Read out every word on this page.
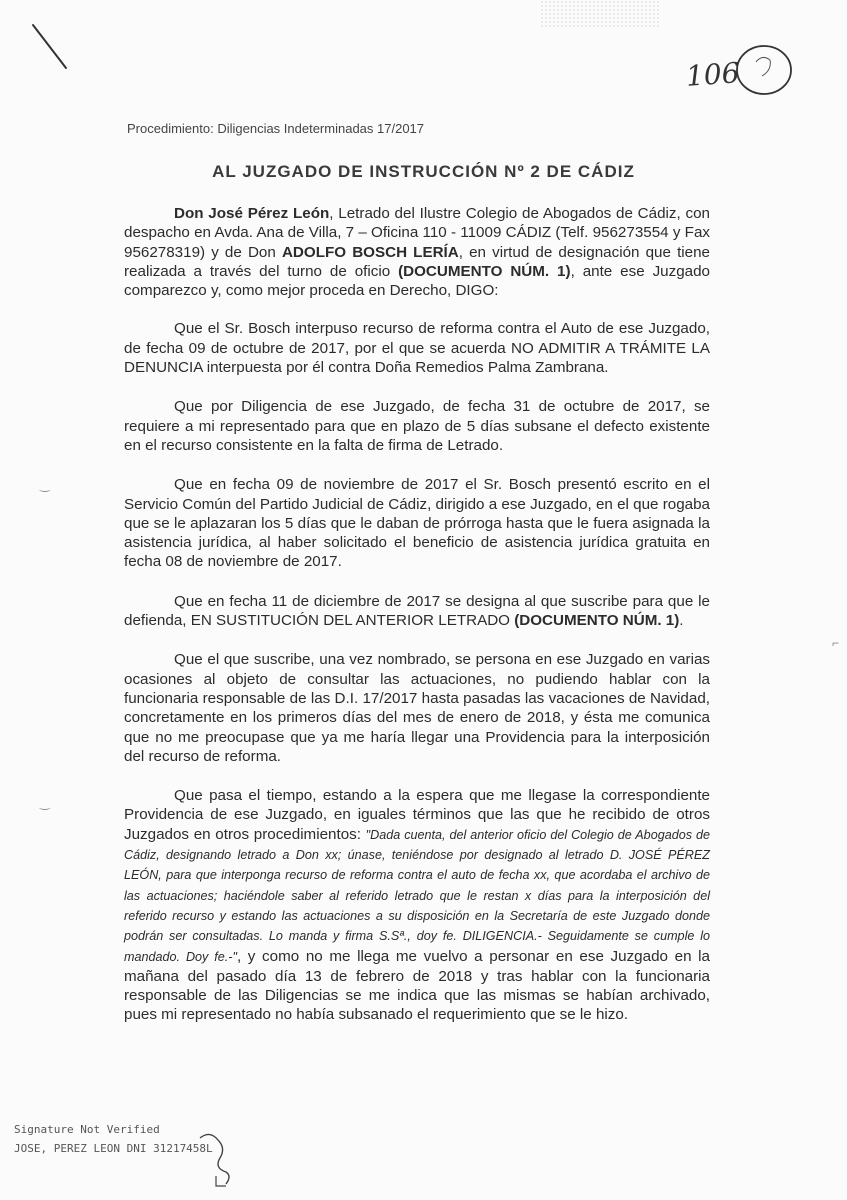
106
Procedimiento: Diligencias Indeterminadas 17/2017
AL JUZGADO DE INSTRUCCIÓN Nº 2 DE CÁDIZ

Don José Pérez León, Letrado del Ilustre Colegio de Abogados de Cádiz, con despacho en Avda. Ana de Villa, 7 – Oficina 110 - 11009 CÁDIZ (Telf. 956273554 y Fax 956278319) y de Don ADOLFO BOSCH LERÍA, en virtud de designación que tiene realizada a través del turno de oficio (DOCUMENTO NÚM. 1), ante ese Juzgado comparezco y, como mejor proceda en Derecho, DIGO:

Que el Sr. Bosch interpuso recurso de reforma contra el Auto de ese Juzgado, de fecha 09 de octubre de 2017, por el que se acuerda NO ADMITIR A TRÁMITE LA DENUNCIA interpuesta por él contra Doña Remedios Palma Zambrana.

Que por Diligencia de ese Juzgado, de fecha 31 de octubre de 2017, se requiere a mi representado para que en plazo de 5 días subsane el defecto existente en el recurso consistente en la falta de firma de Letrado.

Que en fecha 09 de noviembre de 2017 el Sr. Bosch presentó escrito en el Servicio Común del Partido Judicial de Cádiz, dirigido a ese Juzgado, en el que rogaba que se le aplazaran los 5 días que le daban de prórroga hasta que le fuera asignada la asistencia jurídica, al haber solicitado el beneficio de asistencia jurídica gratuita en fecha 08 de noviembre de 2017.

Que en fecha 11 de diciembre de 2017 se designa al que suscribe para que le defienda, EN SUSTITUCIÓN DEL ANTERIOR LETRADO (DOCUMENTO NÚM. 1).

Que el que suscribe, una vez nombrado, se persona en ese Juzgado en varias ocasiones al objeto de consultar las actuaciones, no pudiendo hablar con la funcionaria responsable de las D.I. 17/2017 hasta pasadas las vacaciones de Navidad, concretamente en los primeros días del mes de enero de 2018, y ésta me comunica que no me preocupase que ya me haría llegar una Providencia para la interposición del recurso de reforma.

Que pasa el tiempo, estando a la espera que me llegase la correspondiente Providencia de ese Juzgado, en iguales términos que las que he recibido de otros Juzgados en otros procedimientos: "Dada cuenta, del anterior oficio del Colegio de Abogados de Cádiz, designando letrado a Don xx; únase, teniéndose por designado al letrado D. JOSÉ PÉREZ LEÓN, para que interponga recurso de reforma contra el auto de fecha xx, que acordaba el archivo de las actuaciones; haciéndole saber al referido letrado que le restan x días para la interposición del referido recurso y estando las actuaciones a su disposición en la Secretaría de este Juzgado donde podrán ser consultadas. Lo manda y firma S.Sª., doy fe. DILIGENCIA.- Seguidamente se cumple lo mandado. Doy fe.-", y como no me llega me vuelvo a personar en ese Juzgado en la mañana del pasado día 13 de febrero de 2018 y tras hablar con la funcionaria responsable de las Diligencias se me indica que las mismas se habían archivado, pues mi representado no había subsanado el requerimiento que se le hizo.

‿
‿
⌐
Signature Not Verified
JOSE, PEREZ LEON DNI 31217458L
